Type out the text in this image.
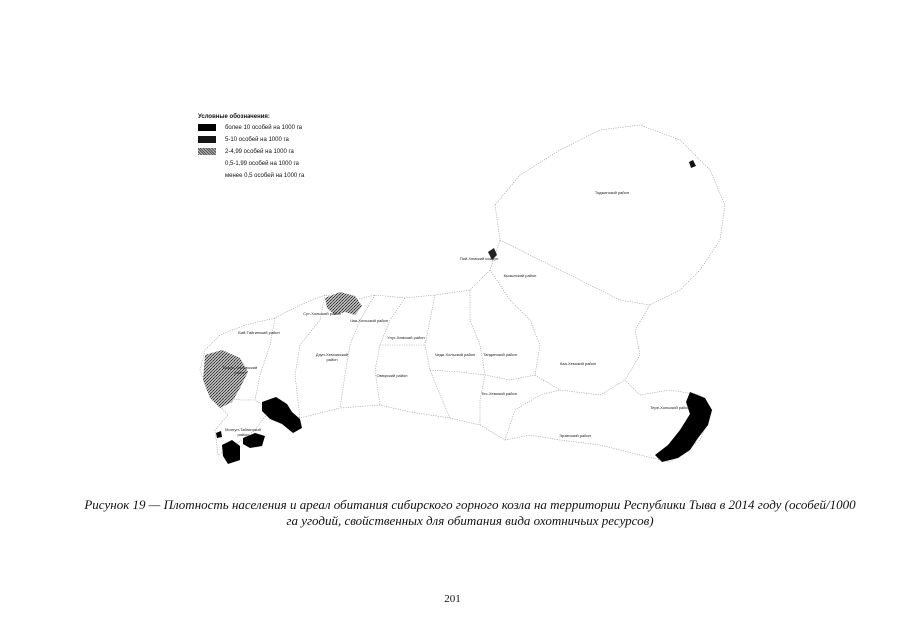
Условные обозначения:
более 10 особей на 1000 га
5-10 особей на 1000 га
2-4,99 особей на 1000 га
0,5-1,99 особей на 1000 га
менее 0,5 особей на 1000 га
Тоджинский район
Пий-Хемский кожуун
Кызылский район
Сут-Хольский район
Чаа-Хольский район
Улуг-Хемский район
Бай-Тайгинский район
Дзун-Хемчикский район
Барун-Хемчикский район
Овюрский район
Чеди-Хольский район	Тандинский район
Каа-Хемский район
Тес-Хемский район
Эрзинский район
Тере-Хольский район
Монгун-Тайгинский район
Рисунок 19 — Плотность населения и ареал обитания сибирского горного козла на территории Республики Тыва в 2014 году (особей/1000 га угодий, свойственных для обитания вида охотничьих ресурсов)
201
